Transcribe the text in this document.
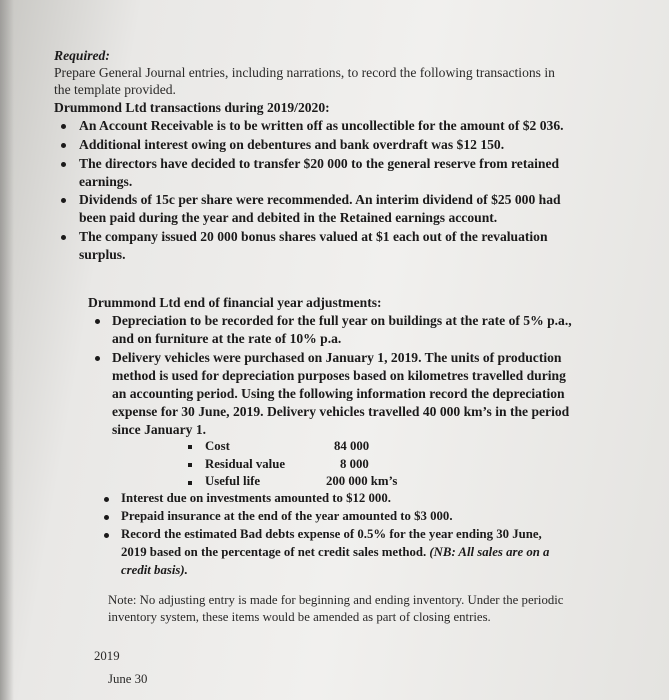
Required:
Prepare General Journal entries, including narrations, to record the following transactions in
the template provided.
Drummond Ltd transactions during 2019/2020:
An Account Receivable is to be written off as uncollectible for the amount of $2 036.
Additional interest owing on debentures and bank overdraft was $12 150.
The directors have decided to transfer $20 000 to the general reserve from retained
earnings.
Dividends of 15c per share were recommended. An interim dividend of $25 000 had
been paid during the year and debited in the Retained earnings account.
The company issued 20 000 bonus shares valued at $1 each out of the revaluation
surplus.
Drummond Ltd end of financial year adjustments:
Depreciation to be recorded for the full year on buildings at the rate of 5% p.a.,
and on furniture at the rate of 10% p.a.
Delivery vehicles were purchased on January 1, 2019. The units of production
method is used for depreciation purposes based on kilometres travelled during
an accounting period. Using the following information record the depreciation
expense for 30 June, 2019. Delivery vehicles travelled 40 000 km’s in the period
since January 1.
Cost	84 000
Residual value	8 000
Useful life	200 000 km’s
Interest due on investments amounted to $12 000.
Prepaid insurance at the end of the year amounted to $3 000.
Record the estimated Bad debts expense of 0.5% for the year ending 30 June,
2019 based on the percentage of net credit sales method. (NB: All sales are on a
credit basis).
Note: No adjusting entry is made for beginning and ending inventory. Under the periodic
inventory system, these items would be amended as part of closing entries.
2019
June 30
